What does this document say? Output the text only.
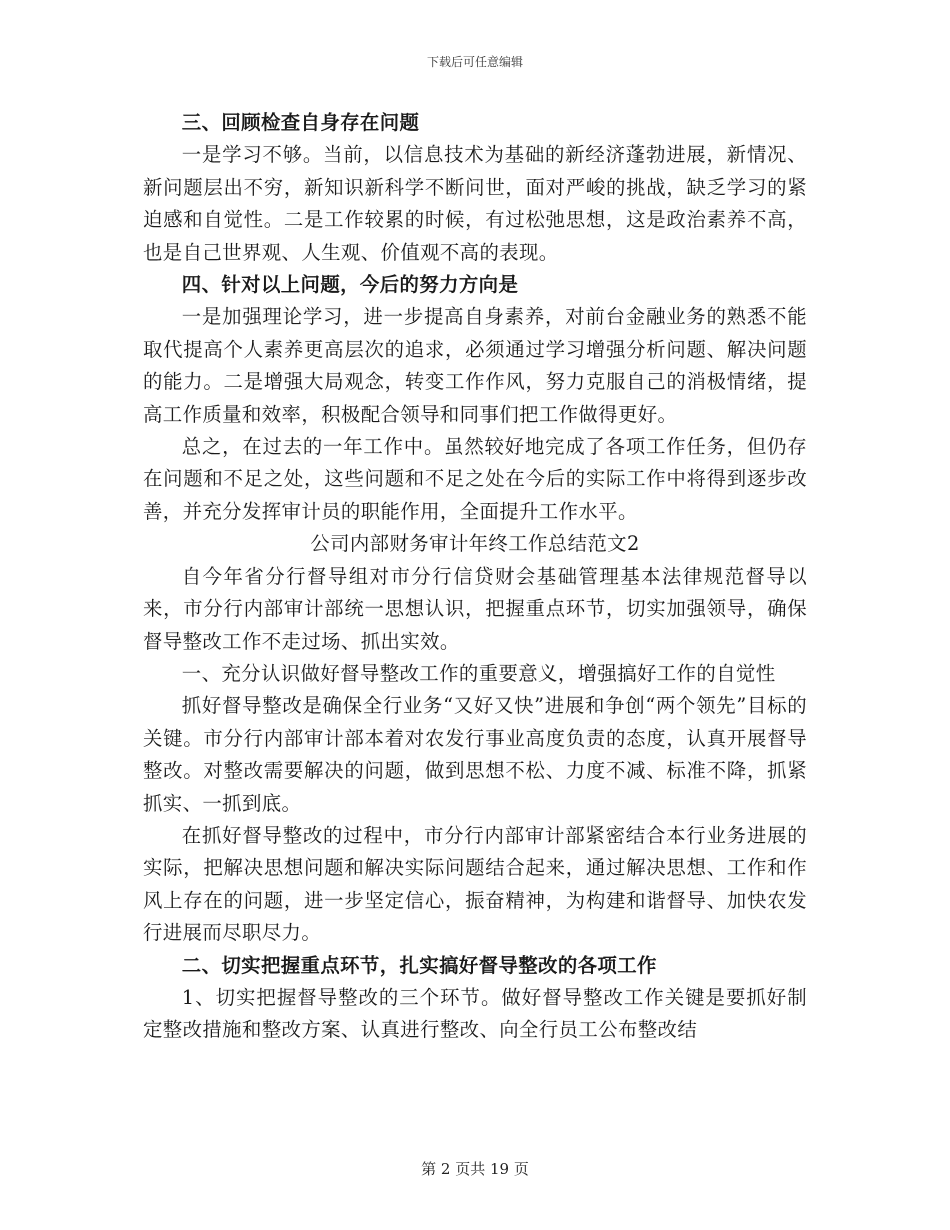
下载后可任意编辑

三、回顾检查自身存在问题

一是学习不够。当前，以信息技术为基础的新经济蓬勃进展，新情况、新问题层出不穷，新知识新科学不断问世，面对严峻的挑战，缺乏学习的紧迫感和自觉性。二是工作较累的时候，有过松弛思想，这是政治素养不高，也是自己世界观、人生观、价值观不高的表现。

四、针对以上问题，今后的努力方向是

一是加强理论学习，进一步提高自身素养，对前台金融业务的熟悉不能取代提高个人素养更高层次的追求，必须通过学习增强分析问题、解决问题的能力。二是增强大局观念，转变工作作风，努力克服自己的消极情绪，提高工作质量和效率，积极配合领导和同事们把工作做得更好。

总之，在过去的一年工作中。虽然较好地完成了各项工作任务，但仍存在问题和不足之处，这些问题和不足之处在今后的实际工作中将得到逐步改善，并充分发挥审计员的职能作用，全面提升工作水平。

公司内部财务审计年终工作总结范文2

自今年省分行督导组对市分行信贷财会基础管理基本法律规范督导以来，市分行内部审计部统一思想认识，把握重点环节，切实加强领导，确保督导整改工作不走过场、抓出实效。

一、充分认识做好督导整改工作的重要意义，增强搞好工作的自觉性

抓好督导整改是确保全行业务“又好又快”进展和争创“两个领先”目标的关键。市分行内部审计部本着对农发行事业高度负责的态度，认真开展督导整改。对整改需要解决的问题，做到思想不松、力度不减、标准不降，抓紧抓实、一抓到底。

在抓好督导整改的过程中，市分行内部审计部紧密结合本行业务进展的实际，把解决思想问题和解决实际问题结合起来，通过解决思想、工作和作风上存在的问题，进一步坚定信心，振奋精神，为构建和谐督导、加快农发行进展而尽职尽力。

二、切实把握重点环节，扎实搞好督导整改的各项工作

1、切实把握督导整改的三个环节。做好督导整改工作关键是要抓好制定整改措施和整改方案、认真进行整改、向全行员工公布整改结

第 2 页共 19 页
